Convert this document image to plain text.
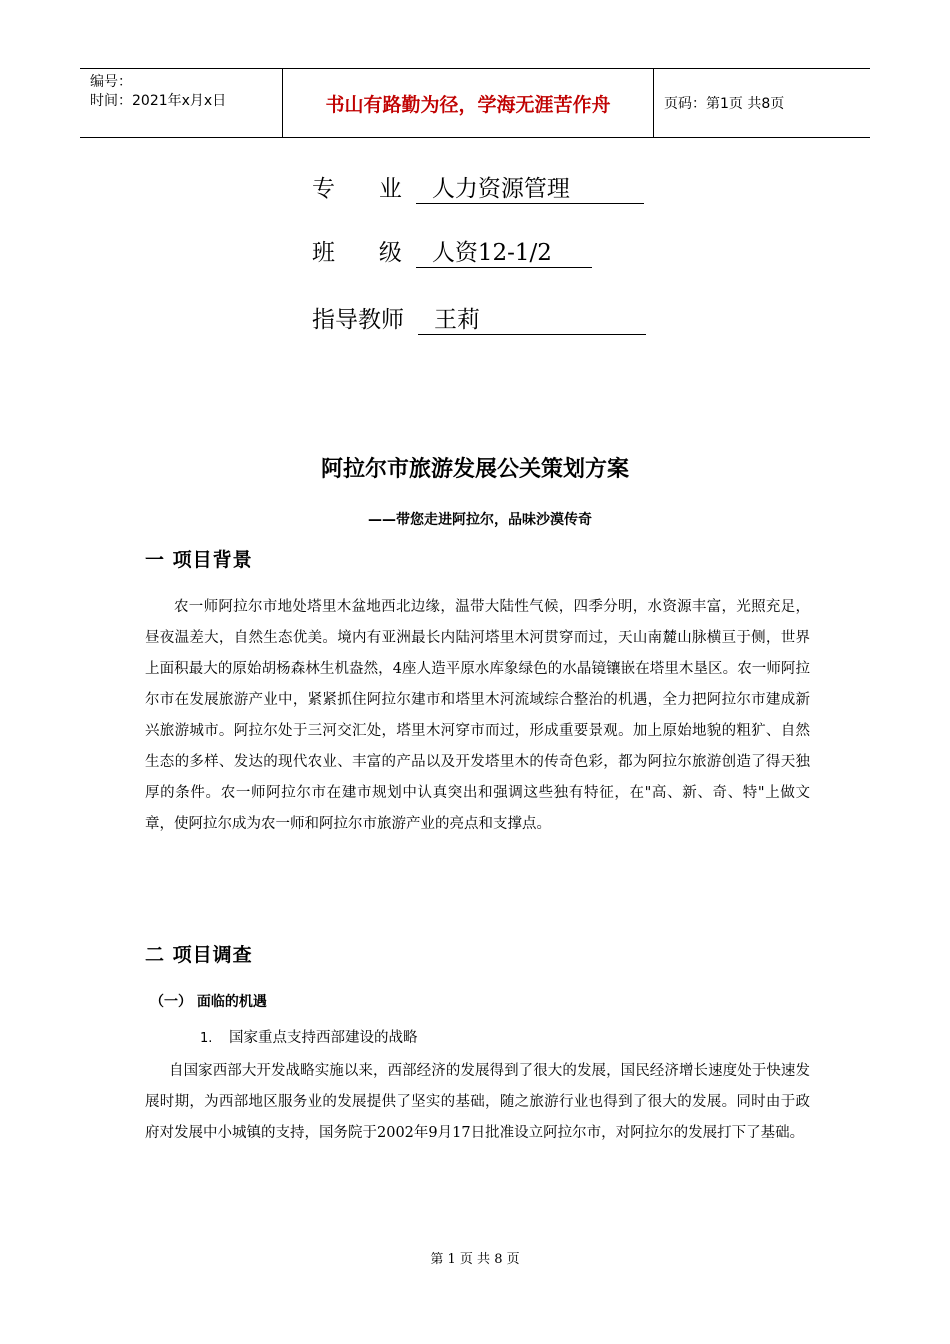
编号：
时间：2021年x月x日	书山有路勤为径，学海无涯苦作舟	页码：第1页 共8页
专      业	人力资源管理
班      级	人资12-1/2
指导教师	王莉
阿拉尔市旅游发展公关策划方案
——带您走进阿拉尔，品味沙漠传奇
一 项目背景

农一师阿拉尔市地处塔里木盆地西北边缘，温带大陆性气候，四季分明，水资源丰富，光照充足，昼夜温差大，自然生态优美。境内有亚洲最长内陆河塔里木河贯穿而过，天山南麓山脉横亘于侧，世界上面积最大的原始胡杨森林生机盎然，4座人造平原水库象绿色的水晶镜镶嵌在塔里木垦区。农一师阿拉尔市在发展旅游产业中，紧紧抓住阿拉尔建市和塔里木河流域综合整治的机遇，全力把阿拉尔市建成新兴旅游城市。阿拉尔处于三河交汇处，塔里木河穿市而过，形成重要景观。加上原始地貌的粗犷、自然生态的多样、发达的现代农业、丰富的产品以及开发塔里木的传奇色彩，都为阿拉尔旅游创造了得天独厚的条件。农一师阿拉尔市在建市规划中认真突出和强调这些独有特征，在"高、新、奇、特"上做文章，使阿拉尔成为农一师和阿拉尔市旅游产业的亮点和支撑点。

二 项目调查
（一） 面临的机遇
1. 国家重点支持西部建设的战略

自国家西部大开发战略实施以来，西部经济的发展得到了很大的发展，国民经济增长速度处于快速发展时期，为西部地区服务业的发展提供了坚实的基础，随之旅游行业也得到了很大的发展。同时由于政府对发展中小城镇的支持，国务院于2002年9月17日批准设立阿拉尔市，对阿拉尔的发展打下了基础。

第 1 页 共 8 页
